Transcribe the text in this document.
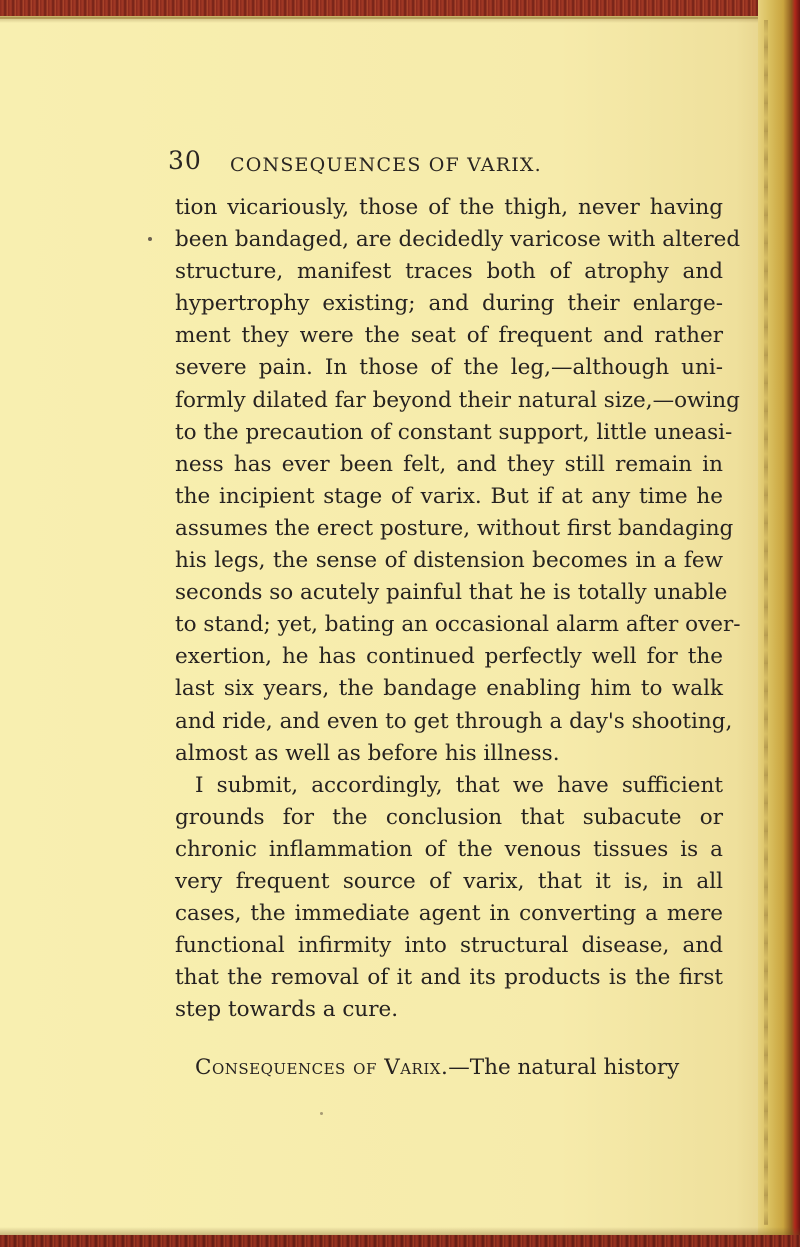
30 CONSEQUENCES OF VARIX.
tion vicariously, those of the thigh, never having
been bandaged, are decidedly varicose with altered
structure, manifest traces both of atrophy and
hypertrophy existing; and during their enlarge-
ment they were the seat of frequent and rather
severe pain. In those of the leg,—although uni-
formly dilated far beyond their natural size,—owing
to the precaution of constant support, little uneasi-
ness has ever been felt, and they still remain in
the incipient stage of varix. But if at any time he
assumes the erect posture, without first bandaging
his legs, the sense of distension becomes in a few
seconds so acutely painful that he is totally unable
to stand; yet, bating an occasional alarm after over-
exertion, he has continued perfectly well for the
last six years, the bandage enabling him to walk
and ride, and even to get through a day's shooting,
almost as well as before his illness.
I submit, accordingly, that we have sufficient
grounds for the conclusion that subacute or
chronic inflammation of the venous tissues is a
very frequent source of varix, that it is, in all
cases, the immediate agent in converting a mere
functional infirmity into structural disease, and
that the removal of it and its products is the first
step towards a cure.
Consequences of Varix.—The natural history
